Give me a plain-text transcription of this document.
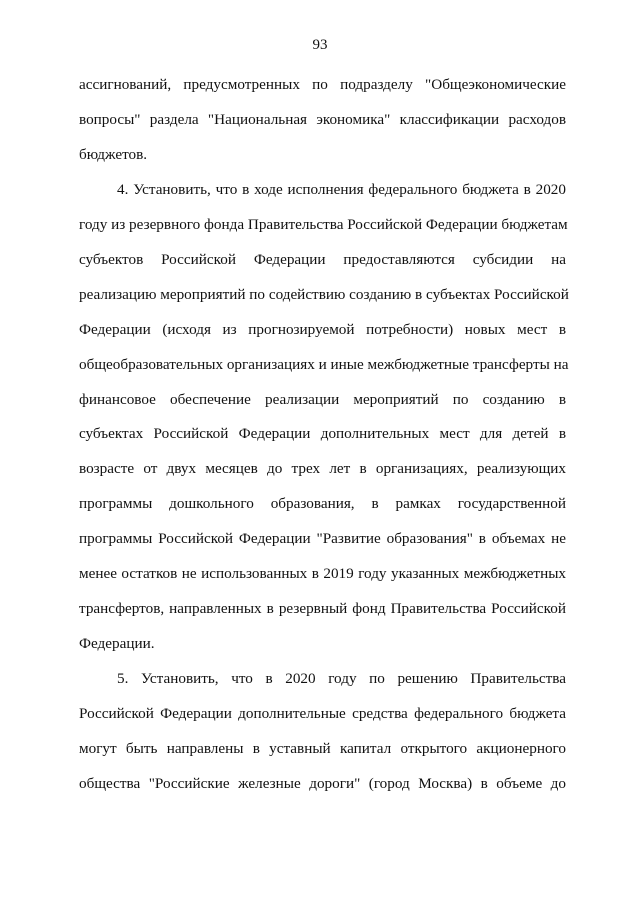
93
ассигнований, предусмотренных по подразделу "Общеэкономические
вопросы" раздела "Национальная экономика" классификации расходов
бюджетов.
4. Установить, что в ходе исполнения федерального бюджета в 2020
году из резервного фонда Правительства Российской Федерации бюджетам
субъектов Российской Федерации предоставляются субсидии на
реализацию мероприятий по содействию созданию в субъектах Российской
Федерации (исходя из прогнозируемой потребности) новых мест в
общеобразовательных организациях и иные межбюджетные трансферты на
финансовое обеспечение реализации мероприятий по созданию в
субъектах Российской Федерации дополнительных мест для детей в
возрасте от двух месяцев до трех лет в организациях, реализующих
программы дошкольного образования, в рамках государственной
программы Российской Федерации "Развитие образования" в объемах не
менее остатков не использованных в 2019 году указанных межбюджетных
трансфертов, направленных в резервный фонд Правительства Российской
Федерации.
5. Установить, что в 2020 году по решению Правительства
Российской Федерации дополнительные средства федерального бюджета
могут быть направлены в уставный капитал открытого акционерного
общества "Российские железные дороги" (город Москва) в объеме до
